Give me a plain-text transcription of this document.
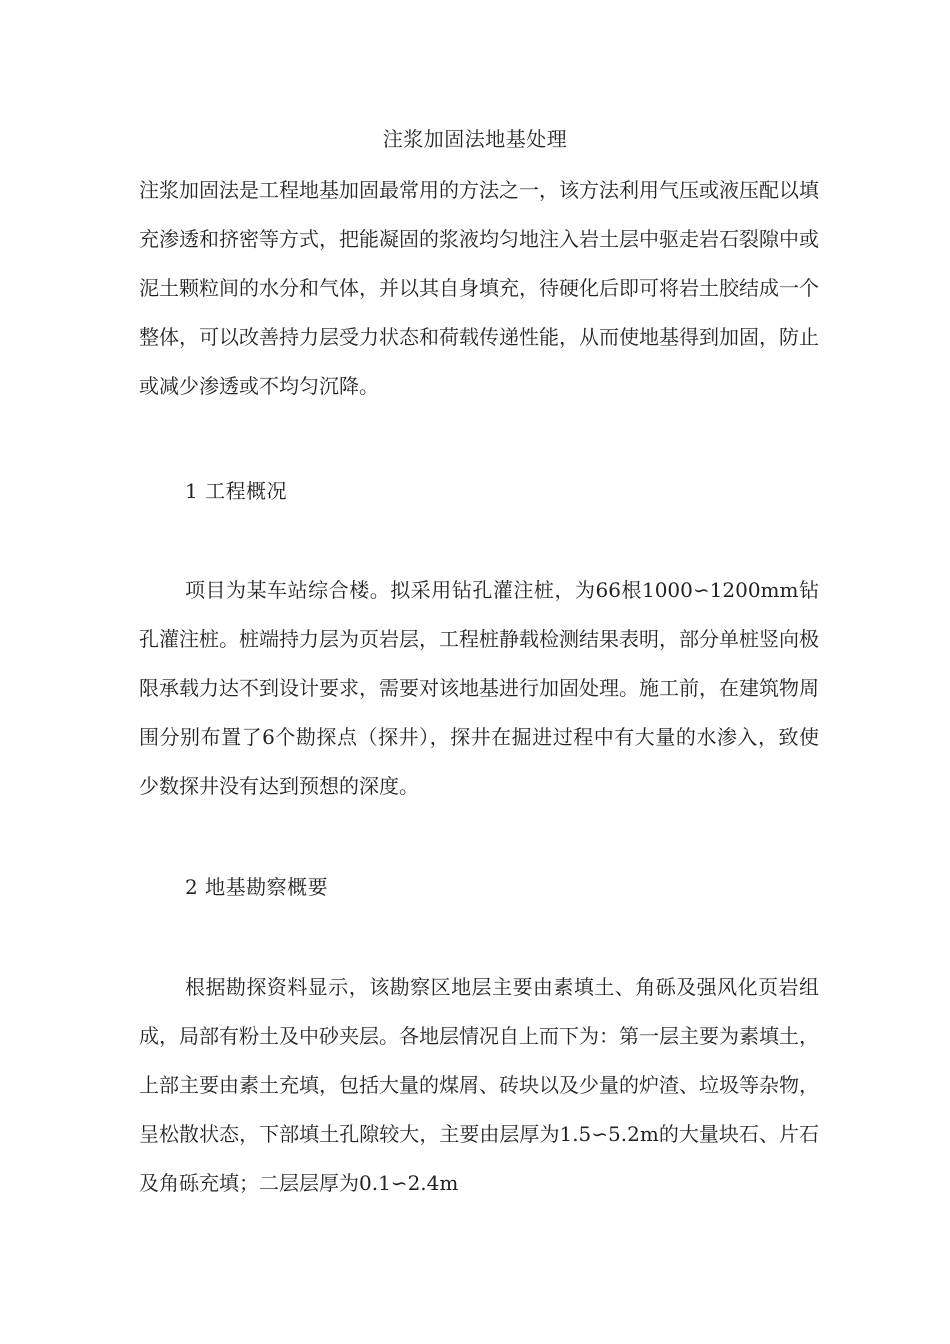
注浆加固法地基处理

注浆加固法是工程地基加固最常用的方法之一，该方法利用气压或液压配以填充渗透和挤密等方式，把能凝固的浆液均匀地注入岩土层中驱走岩石裂隙中或泥土颗粒间的水分和气体，并以其自身填充，待硬化后即可将岩土胶结成一个整体，可以改善持力层受力状态和荷载传递性能，从而使地基得到加固，防止或减少渗透或不均匀沉降。

1 工程概况

项目为某车站综合楼。拟采用钻孔灌注桩，为66根1000∽1200mm钻孔灌注桩。桩端持力层为页岩层，工程桩静载检测结果表明，部分单桩竖向极限承载力达不到设计要求，需要对该地基进行加固处理。施工前，在建筑物周围分别布置了6个勘探点（探井），探井在掘进过程中有大量的水渗入，致使少数探井没有达到预想的深度。

2 地基勘察概要

根据勘探资料显示，该勘察区地层主要由素填土、角砾及强风化页岩组成，局部有粉土及中砂夹层。各地层情况自上而下为：第一层主要为素填土，上部主要由素土充填，包括大量的煤屑、砖块以及少量的炉渣、垃圾等杂物，呈松散状态，下部填土孔隙较大，主要由层厚为1.5∽5.2m的大量块石、片石及角砾充填；二层层厚为0.1∽2.4m
